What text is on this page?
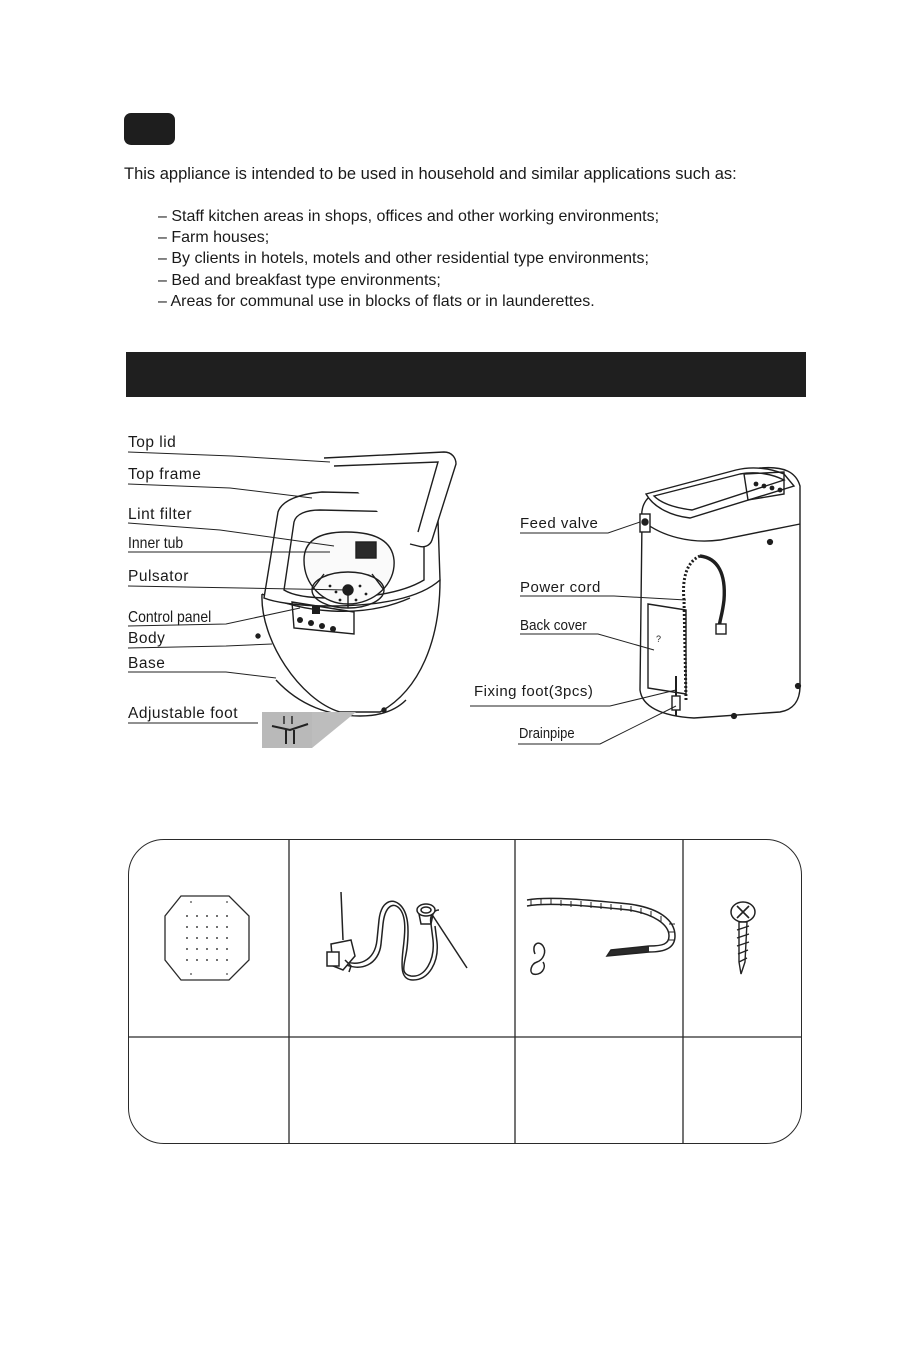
This appliance is intended to be used in household and similar applications such as:

– Staff kitchen areas in shops, offices and other working environments;
– Farm houses;
– By clients in hotels, motels and other residential type environments;
– Bed and breakfast type environments;
– Areas for communal use in blocks of flats or in launderettes.
Top lid
Top frame
Lint filter
Inner tub
Pulsator
Control panel
Body
Base
Adjustable foot
?
Feed valve
Power cord
Back cover
Fixing foot(3pcs)
Drainpipe
